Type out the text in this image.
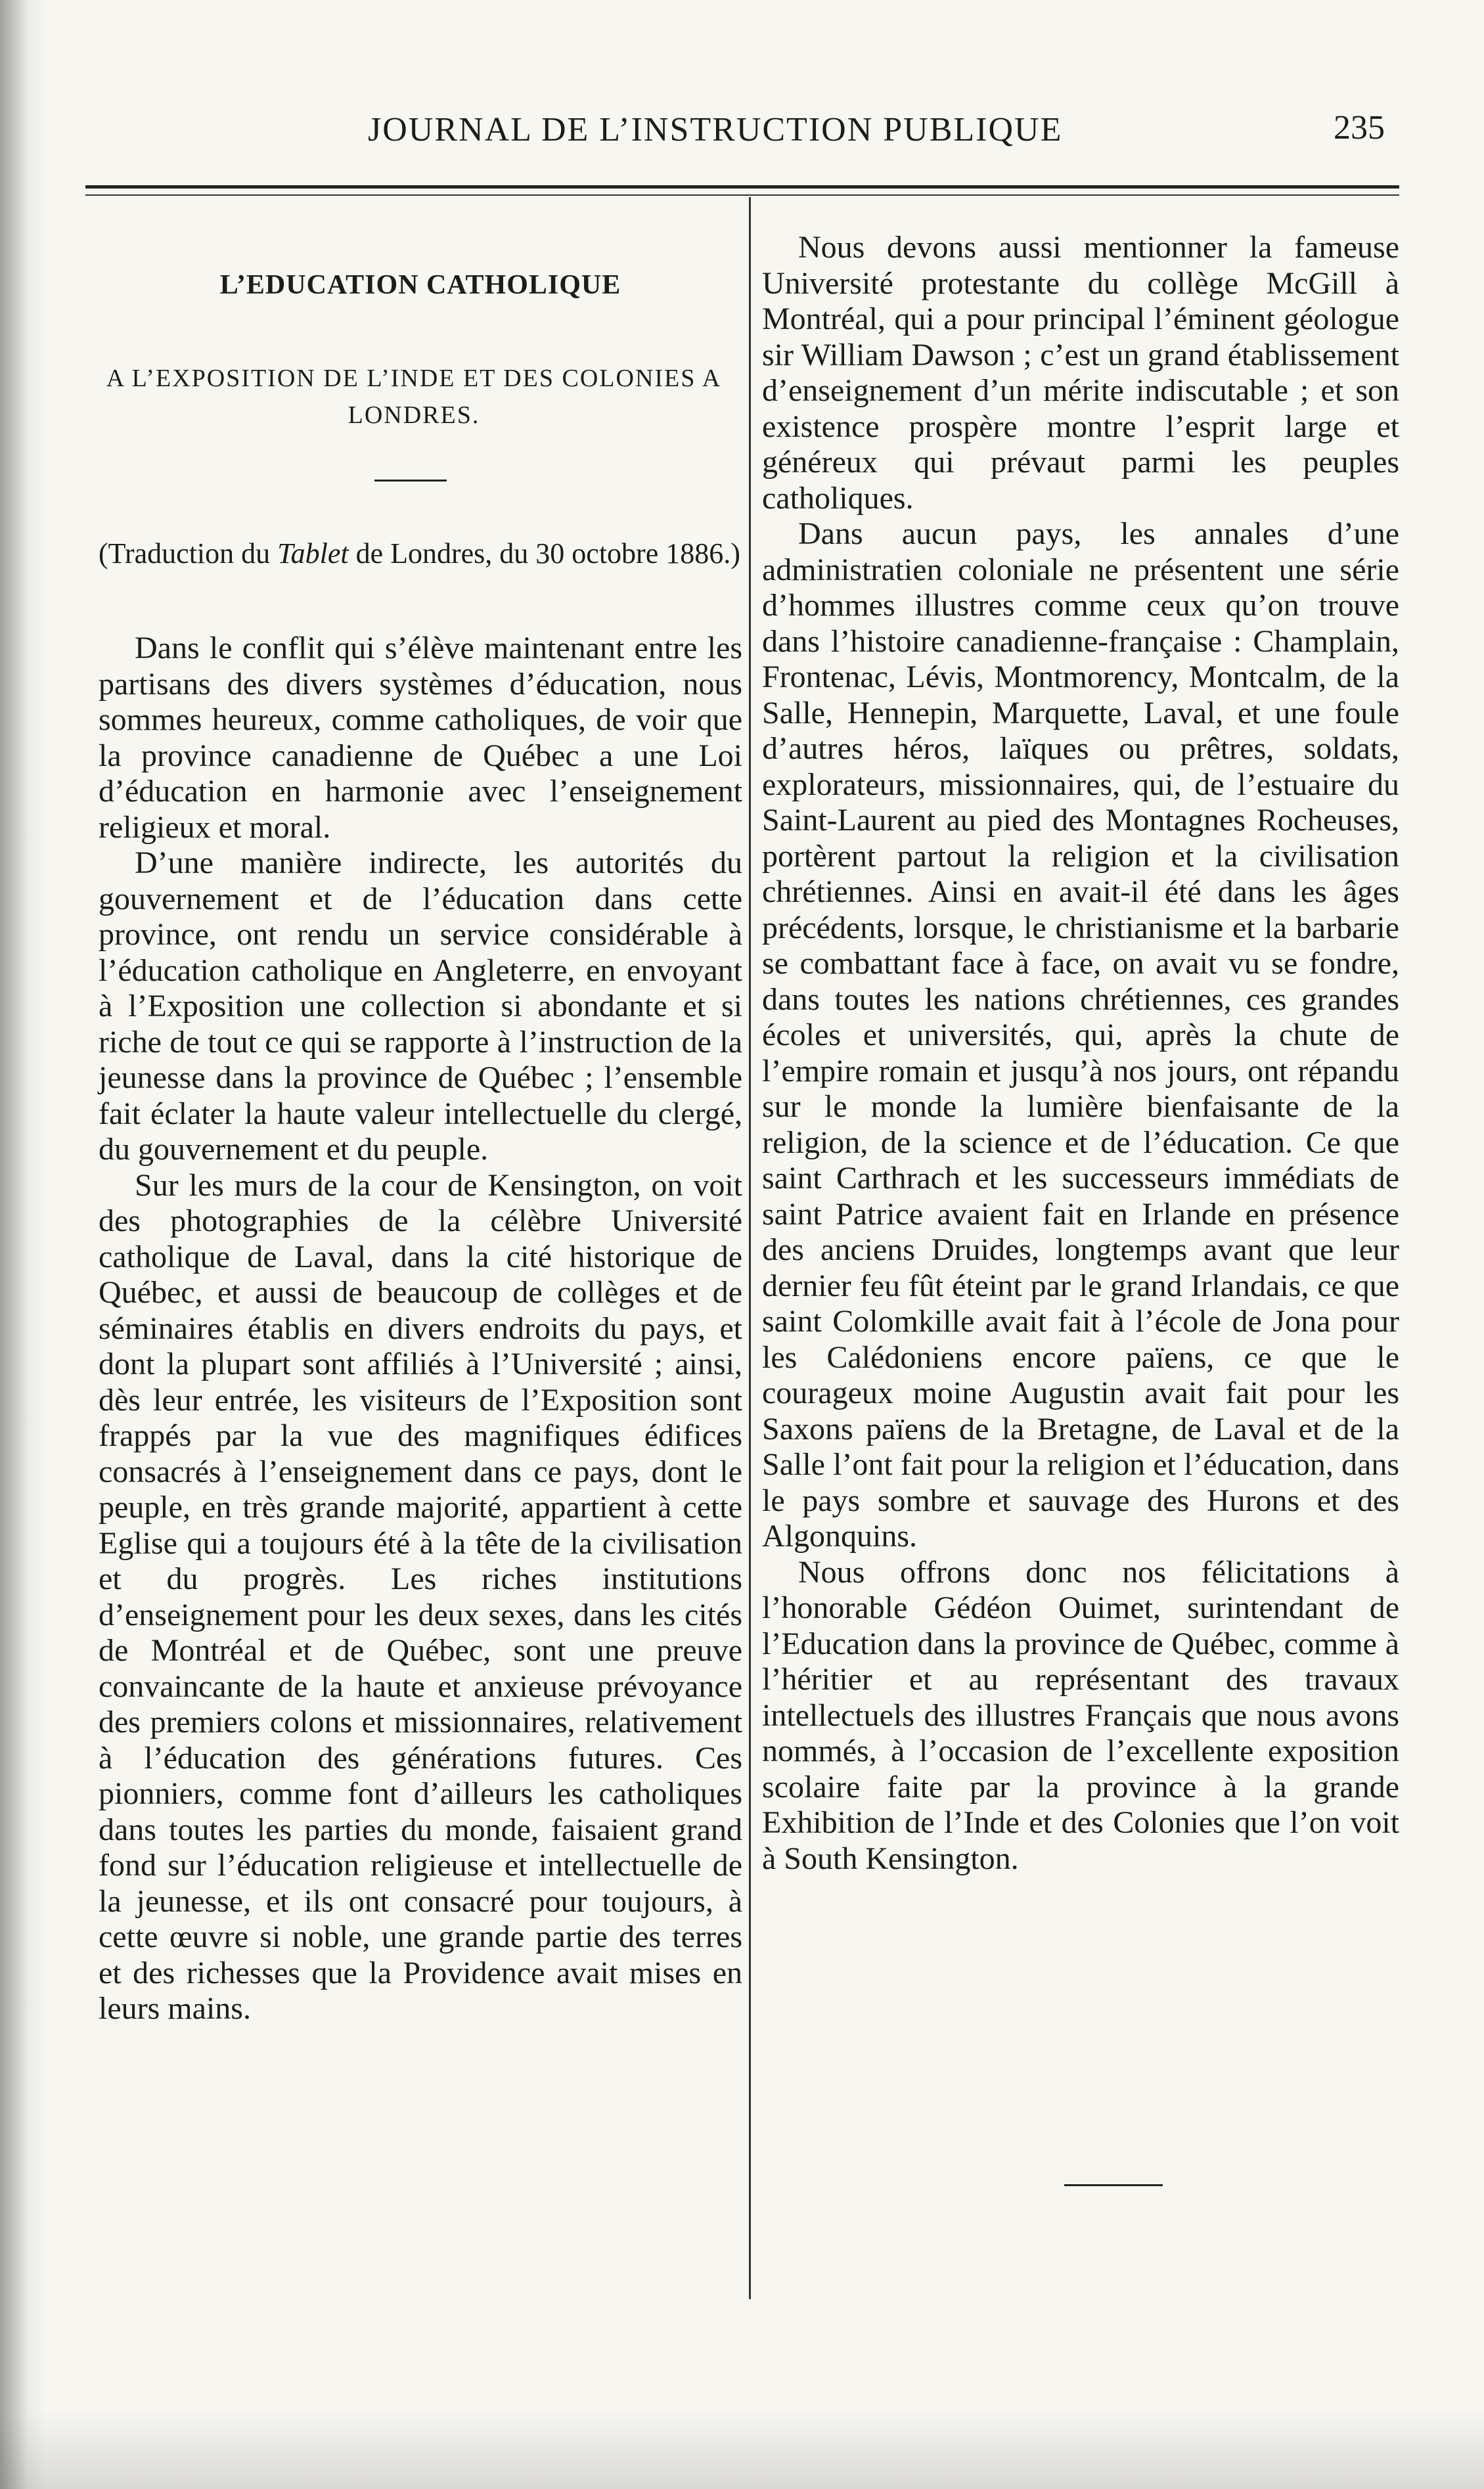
JOURNAL DE L’INSTRUCTION PUBLIQUE	235
L’EDUCATION CATHOLIQUE
A L’EXPOSITION DE L’INDE ET DES COLONIES A LONDRES.
(Traduction du Tablet de Londres, du 30 octobre 1886.)

Dans le conflit qui s’élève maintenant entre les partisans des divers systèmes d’éducation, nous sommes heureux, comme catholiques, de voir que la province canadienne de Québec a une Loi d’éducation en harmonie avec l’enseignement religieux et moral.

D’une manière indirecte, les autorités du gouvernement et de l’éducation dans cette province, ont rendu un service considérable à l’éducation catholique en Angleterre, en envoyant à l’Exposition une collection si abondante et si riche de tout ce qui se rapporte à l’instruction de la jeunesse dans la province de Québec ; l’ensemble fait éclater la haute valeur intellectuelle du clergé, du gouvernement et du peuple.

Sur les murs de la cour de Kensington, on voit des photographies de la célèbre Université catholique de Laval, dans la cité historique de Québec, et aussi de beaucoup de collèges et de séminaires établis en divers endroits du pays, et dont la plupart sont affiliés à l’Université ; ainsi, dès leur entrée, les visiteurs de l’Exposition sont frappés par la vue des magnifiques édifices consacrés à l’enseignement dans ce pays, dont le peuple, en très grande majorité, appartient à cette Eglise qui a toujours été à la tête de la civilisation et du progrès. Les riches institutions d’enseignement pour les deux sexes, dans les cités de Montréal et de Québec, sont une preuve convaincante de la haute et anxieuse prévoyance des premiers colons et missionnaires, relativement à l’éducation des générations futures. Ces pionniers, comme font d’ailleurs les catholiques dans toutes les parties du monde, faisaient grand fond sur l’éducation religieuse et intellectuelle de la jeunesse, et ils ont consacré pour toujours, à cette œuvre si noble, une grande partie des terres et des richesses que la Providence avait mises en leurs mains.

Nous devons aussi mentionner la fameuse Université protestante du collège McGill à Montréal, qui a pour principal l’éminent géologue sir William Dawson ; c’est un grand établissement d’enseignement d’un mérite indiscutable ; et son existence prospère montre l’esprit large et généreux qui prévaut parmi les peuples catholiques.

Dans aucun pays, les annales d’une administratien coloniale ne présentent une série d’hommes illustres comme ceux qu’on trouve dans l’histoire canadienne-française : Champlain, Frontenac, Lévis, Montmorency, Montcalm, de la Salle, Hennepin, Marquette, Laval, et une foule d’autres héros, laïques ou prêtres, soldats, explorateurs, missionnaires, qui, de l’estuaire du Saint-Laurent au pied des Montagnes Rocheuses, portèrent partout la religion et la civilisation chrétiennes. Ainsi en avait-il été dans les âges précédents, lorsque, le christianisme et la barbarie se combattant face à face, on avait vu se fondre, dans toutes les nations chrétiennes, ces grandes écoles et universités, qui, après la chute de l’empire romain et jusqu’à nos jours, ont répandu sur le monde la lumière bienfaisante de la religion, de la science et de l’éducation. Ce que saint Carthrach et les successeurs immédiats de saint Patrice avaient fait en Irlande en présence des anciens Druides, longtemps avant que leur dernier feu fût éteint par le grand Irlandais, ce que saint Colomkille avait fait à l’école de Jona pour les Calédoniens encore païens, ce que le courageux moine Augustin avait fait pour les Saxons païens de la Bretagne, de Laval et de la Salle l’ont fait pour la religion et l’éducation, dans le pays sombre et sauvage des Hurons et des Algonquins.

Nous offrons donc nos félicitations à l’honorable Gédéon Ouimet, surintendant de l’Education dans la province de Québec, comme à l’héritier et au représentant des travaux intellectuels des illustres Français que nous avons nommés, à l’occasion de l’excellente exposition scolaire faite par la province à la grande Exhibition de l’Inde et des Colonies que l’on voit à South Kensington.
